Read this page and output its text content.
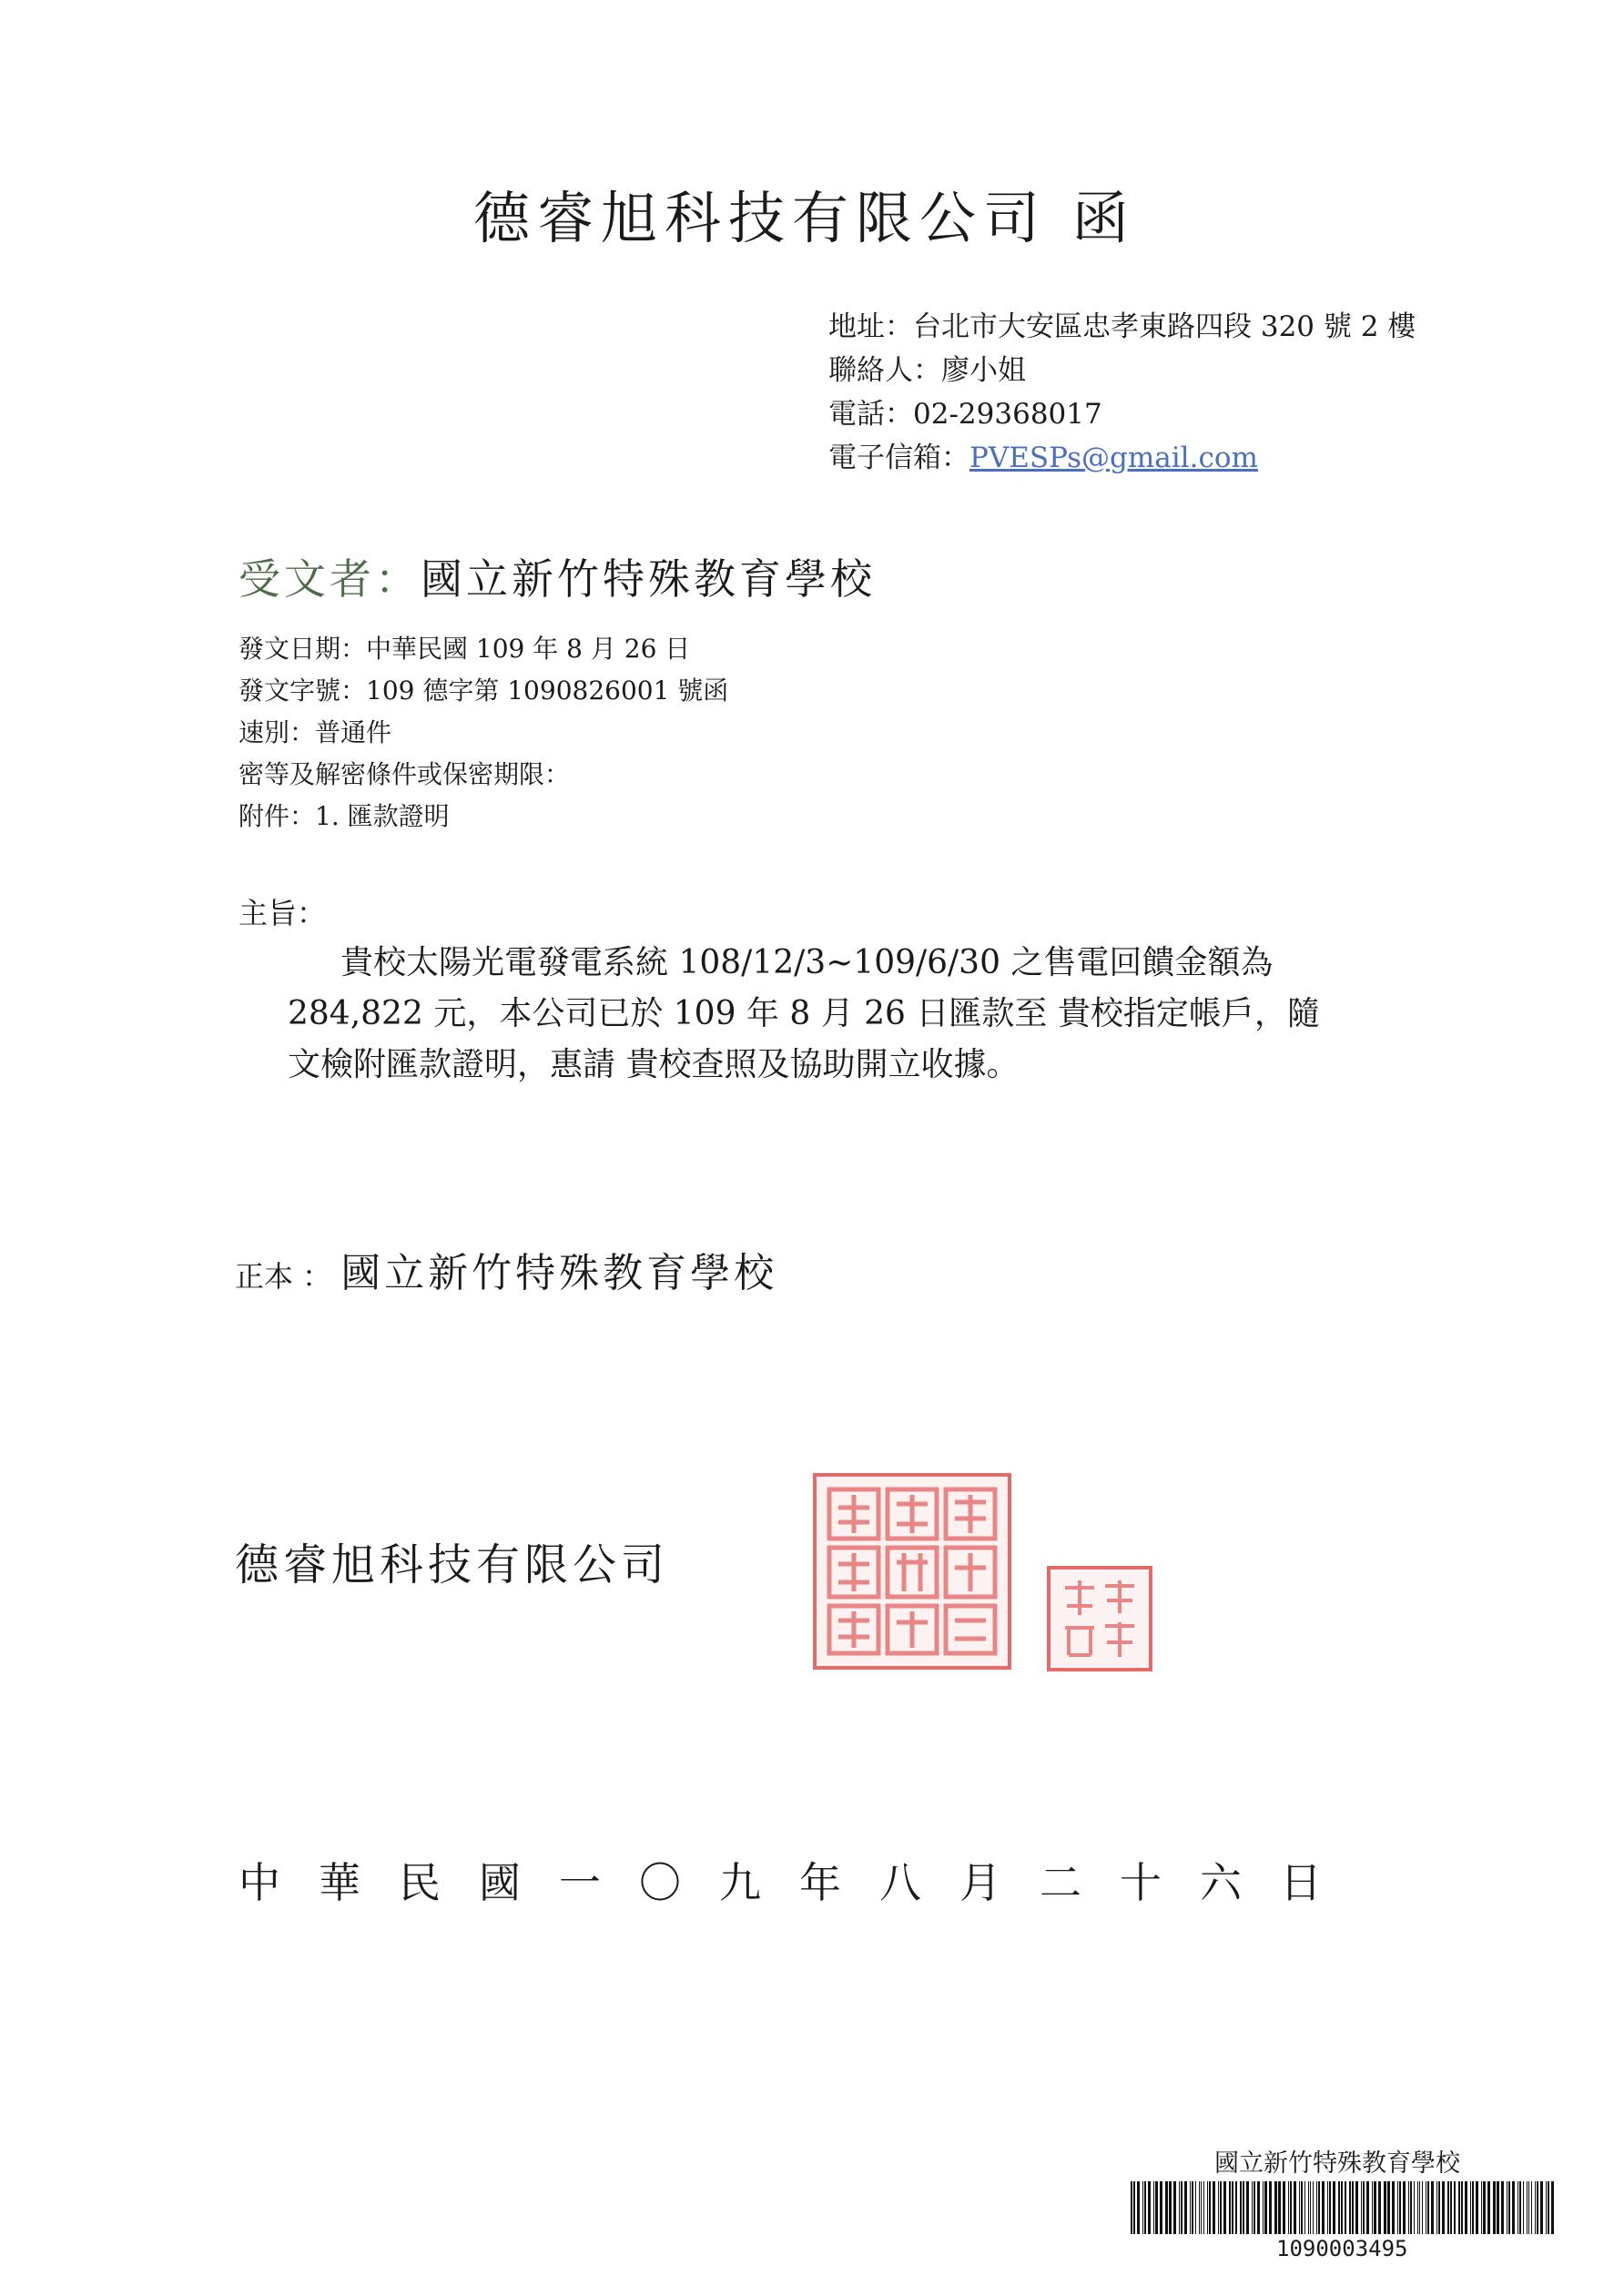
德睿旭科技有限公司 函
地址：台北市大安區忠孝東路四段 320 號 2 樓
聯絡人：廖小姐
電話：02-29368017
電子信箱：PVESPs@gmail.com
受文者：國立新竹特殊教育學校
發文日期：中華民國 109 年 8 月 26 日
發文字號：109 德字第 1090826001 號函
速別：普通件
密等及解密條件或保密期限：
附件：1. 匯款證明
主旨：
貴校太陽光電發電系統 108/12/3~109/6/30 之售電回饋金額為
284,822 元，本公司已於 109 年 8 月 26 日匯款至 貴校指定帳戶，隨
文檢附匯款證明，惠請 貴校查照及協助開立收據。
正本 ： 國立新竹特殊教育學校
德睿旭科技有限公司
中華民國一〇九年八月二十六日
國立新竹特殊教育學校
1090003495
